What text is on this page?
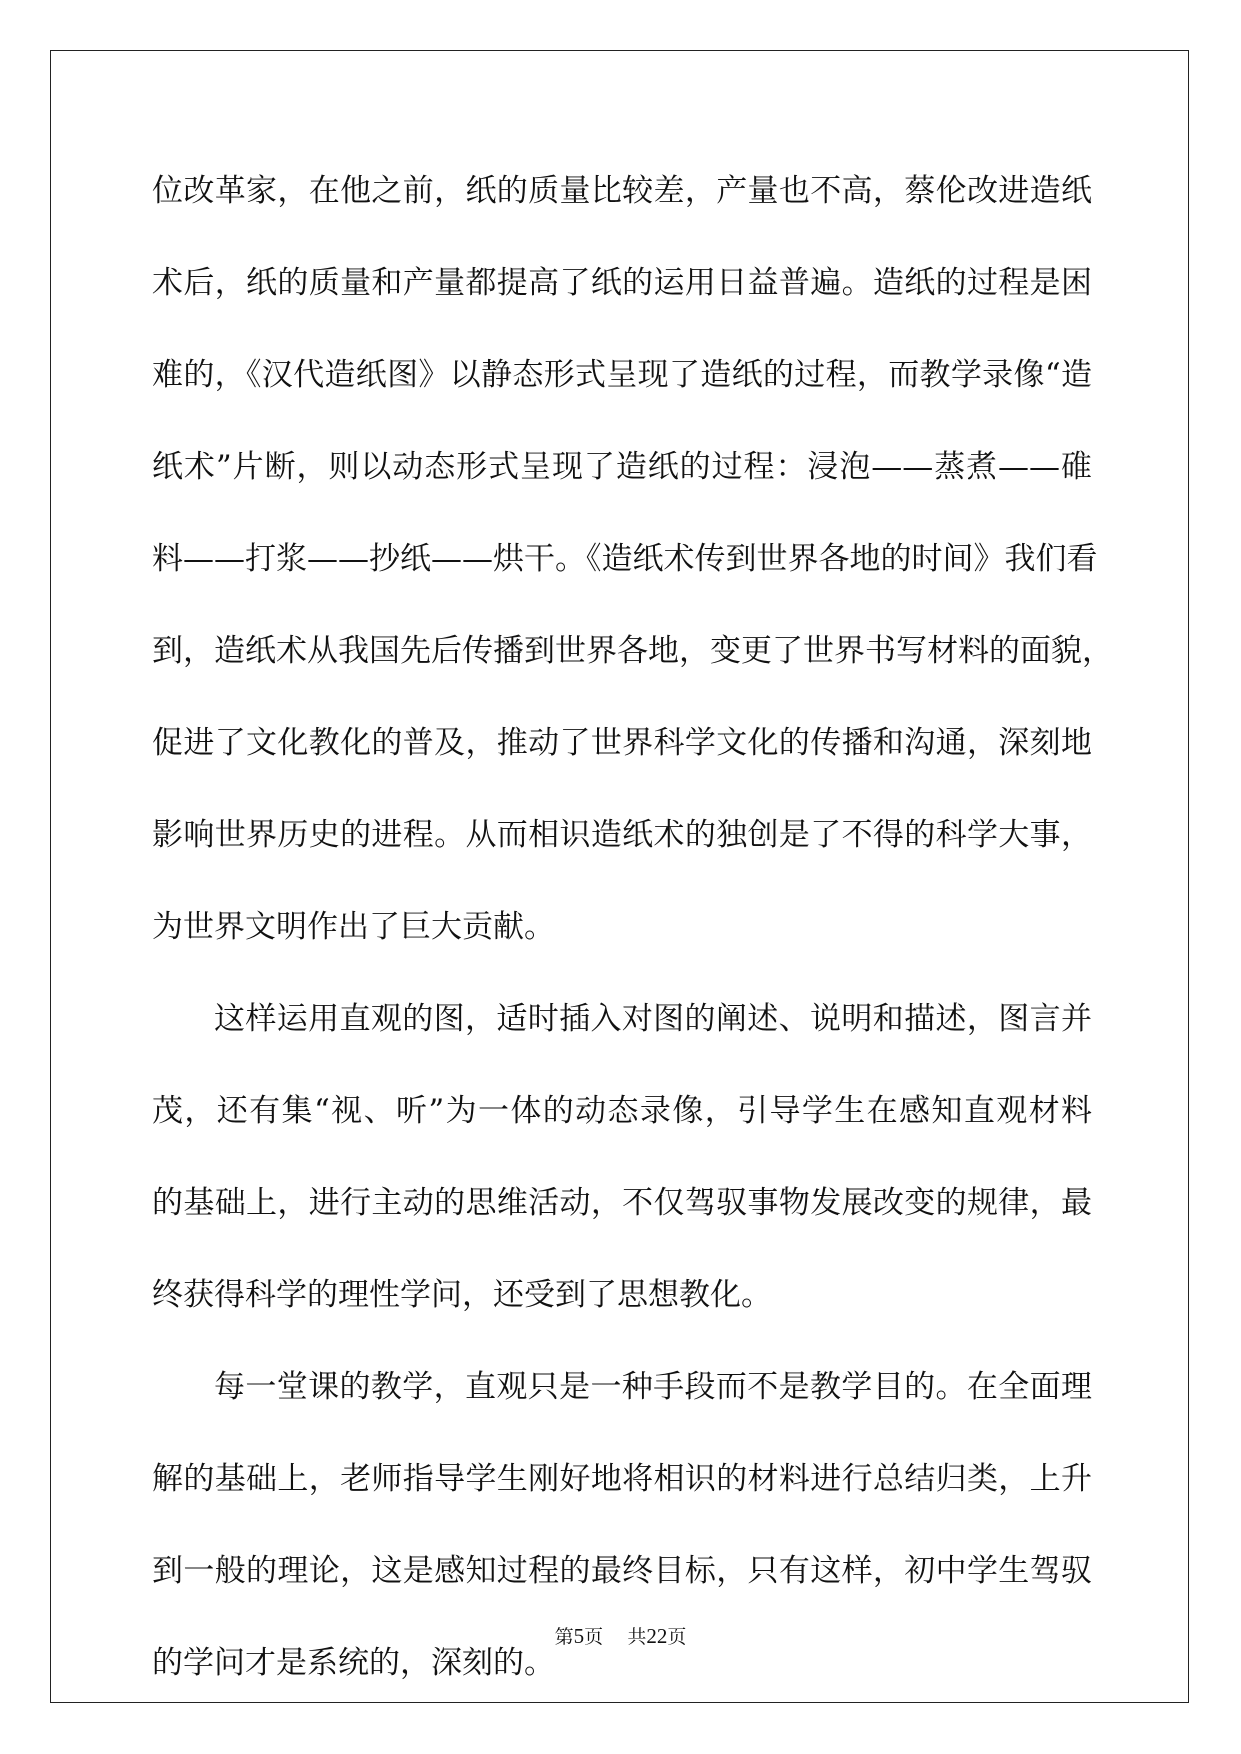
位改革家，在他之前，纸的质量比较差，产量也不高，蔡伦改进造纸
术后，纸的质量和产量都提高了纸的运用日益普遍。造纸的过程是困
难的，《汉代造纸图》以静态形式呈现了造纸的过程，而教学录像“造
纸术”片断，则以动态形式呈现了造纸的过程：浸泡——蒸煮——碓
料——打浆——抄纸——烘干。《造纸术传到世界各地的时间》我们看
到，造纸术从我国先后传播到世界各地，变更了世界书写材料的面貌，
促进了文化教化的普及，推动了世界科学文化的传播和沟通，深刻地
影响世界历史的进程。从而相识造纸术的独创是了不得的科学大事，
为世界文明作出了巨大贡献。
这样运用直观的图，适时插入对图的阐述、说明和描述，图言并
茂，还有集“视、听”为一体的动态录像，引导学生在感知直观材料
的基础上，进行主动的思维活动，不仅驾驭事物发展改变的规律，最
终获得科学的理性学问，还受到了思想教化。
每一堂课的教学，直观只是一种手段而不是教学目的。在全面理
解的基础上，老师指导学生刚好地将相识的材料进行总结归类，上升
到一般的理论，这是感知过程的最终目标，只有这样，初中学生驾驭
的学问才是系统的，深刻的。
第5页 共22页
